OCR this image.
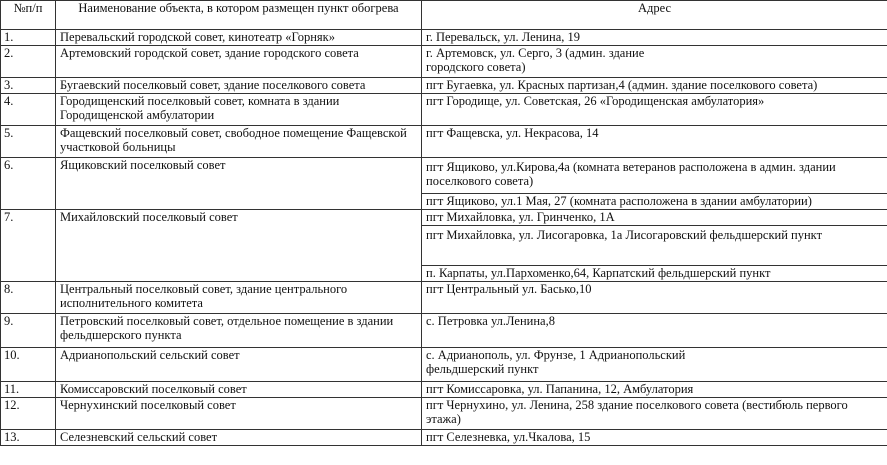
№п/п	Наименование объекта, в котором размещен пункт обогрева	Адрес
1.	Перевальский городской совет, кинотеатр «Горняк»	г. Перевальск, ул. Ленина, 19
2.	Артемовский городской совет, здание городского совета	г. Артемовск, ул. Серго, 3 (админ. здание городского совета)
3.	Бугаевский поселковый совет, здание поселкового совета	пгт Бугаевка, ул. Красных партизан,4 (админ. здание поселкового совета)
4.	Городищенский поселковый совет, комната в здании Городищенской амбулатории	пгт Городище, ул. Советская, 26 «Городищенская амбулатория»
5.	Фащевский поселковый совет, свободное помещение Фащевской участковой больницы	пгт Фащевска, ул. Некрасова, 14
6.	Ящиковский поселковый совет	пгт Ящиково, ул.Кирова,4а (комната ветеранов расположена в админ. здании поселкового совета)
		пгт Ящиково, ул.1 Мая, 27 (комната расположена в здании амбулатории)
7.	Михайловский поселковый совет	пгт Михайловка, ул. Гринченко, 1А
		пгт Михайловка, ул. Лисогаровка, 1а Лисогаровский фельдшерский пункт
		п. Карпаты, ул.Пархоменко,64, Карпатский фельдшерский пункт
8.	Центральный поселковый совет, здание центрального исполнительного комитета	пгт Центральный ул. Басько,10
9.	Петровский поселковый совет, отдельное помещение в здании фельдшерского пункта	с. Петровка ул.Ленина,8
10.	Адрианопольский сельский совет	с. Адрианополь, ул. Фрунзе, 1 Адрианопольский фельдшерский пункт
11.	Комиссаровский поселковый совет	пгт Комиссаровка, ул. Папанина, 12, Амбулатория
12.	Чернухинский поселковый совет	пгт Чернухино, ул. Ленина, 258 здание поселкового совета (вестибюль первого этажа)
13.	Селезневский сельский совет	пгт Селезневка, ул.Чкалова, 15
